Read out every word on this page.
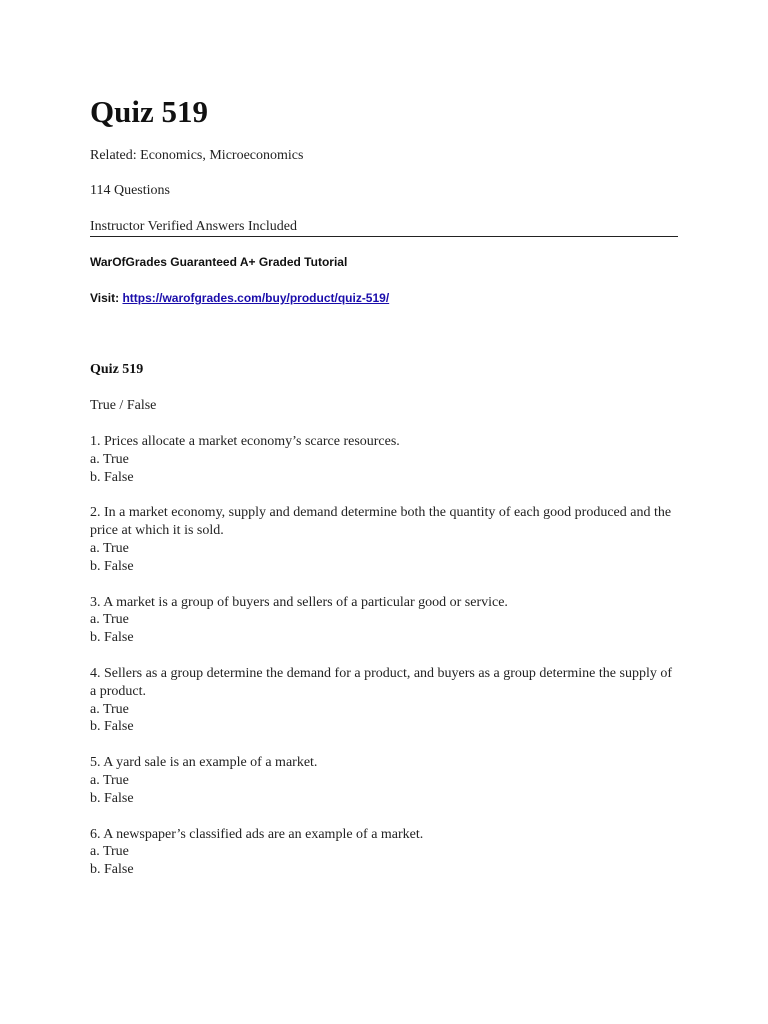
Quiz 519
Related: Economics, Microeconomics
114 Questions
Instructor Verified Answers Included
WarOfGrades Guaranteed A+ Graded Tutorial
Visit: https://warofgrades.com/buy/product/quiz-519/
Quiz 519
True / False
1. Prices allocate a market economy’s scarce resources.
a. True
b. False
2. In a market economy, supply and demand determine both the quantity of each good produced and the price at which it is sold.
a. True
b. False
3. A market is a group of buyers and sellers of a particular good or service.
a. True
b. False
4. Sellers as a group determine the demand for a product, and buyers as a group determine the supply of a product.
a. True
b. False
5. A yard sale is an example of a market.
a. True
b. False
6. A newspaper’s classified ads are an example of a market.
a. True
b. False
